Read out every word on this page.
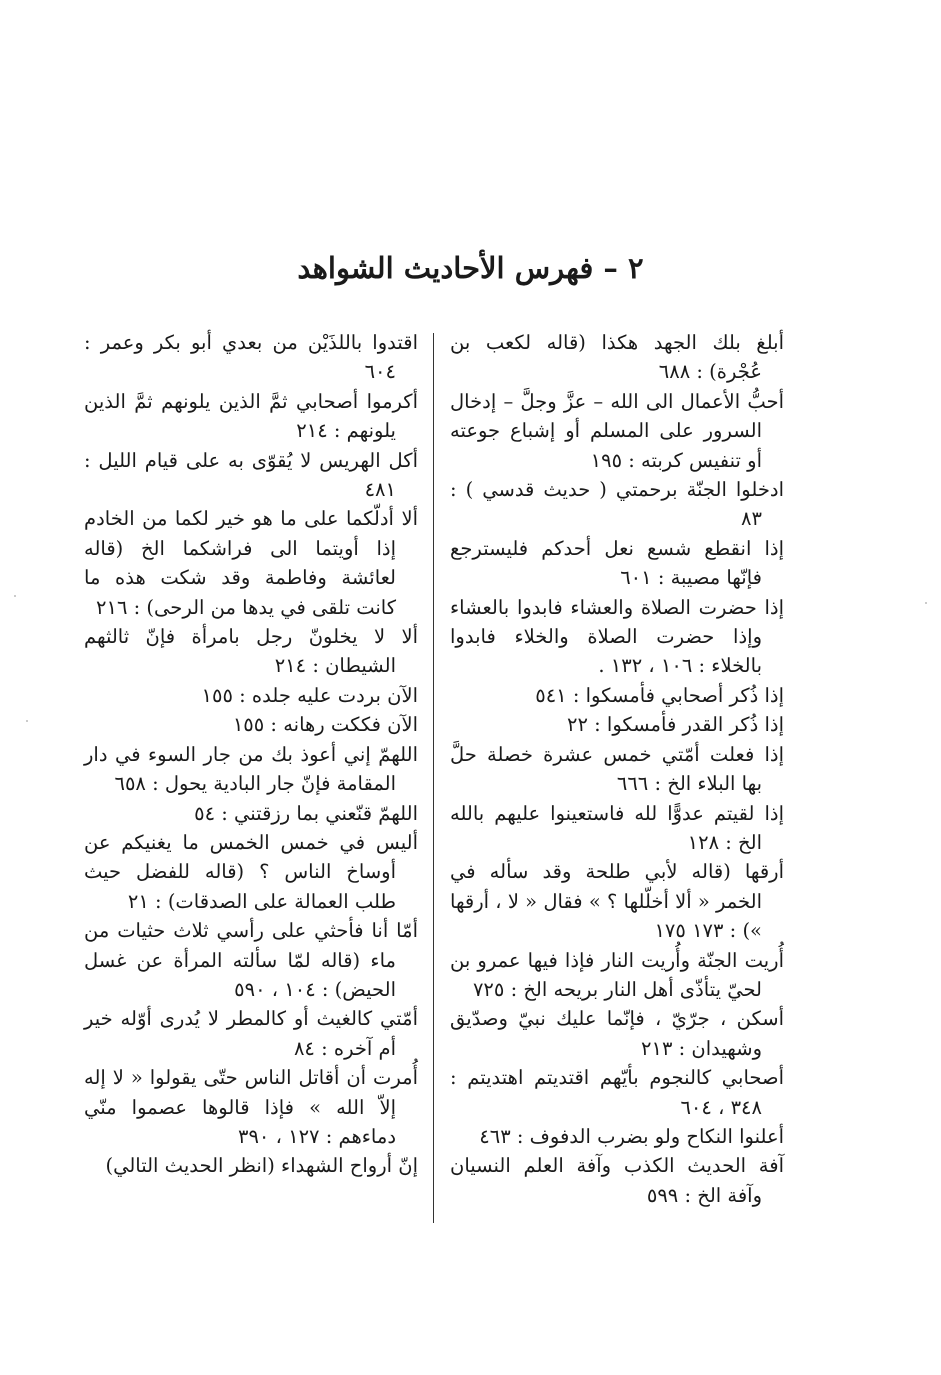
٢ – فهرس الأحاديث الشواهد

أبلغ بلك الجهد هكذا (قاله لكعب بن عُجْرة) : ٦٨٨

أحبُّ الأعمال الى الله – عزَّ وجلَّ – إدخال السرور على المسلم أو إشباع جوعته أو تنفيس كربته : ١٩٥

ادخلوا الجنّة برحمتي ( حديث قدسي ) : ٨٣

إذا انقطع شسع نعل أحدكم فليسترجع فإنّها مصيبة : ٦٠١

إذا حضرت الصلاة والعشاء فابدوا بالعشاء وإذا حضرت الصلاة والخلاء فابدوا بالخلاء : ١٠٦ ، ١٣٢ .

إذا ذُكر أصحابي فأمسكوا : ٥٤١

إذا ذُكر القدر فأمسكوا : ٢٢

إذا فعلت أمّتي خمس عشرة خصلة حلَّ بها البلاء الخ : ٦٦٦

إذا لقيتم عدوًّا لله فاستعينوا عليهم بالله الخ : ١٢٨

أرقها (قاله لأبي طلحة وقد سأله في الخمر « ألا أخلّلها ؟ » فقال « لا ، أرقها ») : ١٧٣ ١٧٥

أُريت الجنّة وأُريت النار فإذا فيها عمرو بن لحيّ يتأذّى أهل النار بريحه الخ : ٧٢٥

أسكن ، جرّيّ ، فإنّما عليك نبيّ وصدّيق وشهيدان : ٢١٣

أصحابي كالنجوم بأيّهم اقتديتم اهتديتم : ٣٤٨ ، ٦٠٤

أعلنوا النكاح ولو بضرب الدفوف : ٤٦٣

آفة الحديث الكذب وآفة العلم النسيان وآفة الخ : ٥٩٩

اقتدوا باللذَيْن من بعدي أبو بكر وعمر : ٦٠٤

أكرموا أصحابي ثمَّ الذين يلونهم ثمَّ الذين يلونهم : ٢١٤

أكل الهريس لا يُقوّى به على قيام الليل : ٤٨١

ألا أدلّكما على ما هو خير لكما من الخادم إذا أويتما الى فراشكما الخ (قاله لعائشة وفاطمة وقد شكت هذه ما كانت تلقى في يدها من الرحى) : ٢١٦

ألا لا يخلونّ رجل بامرأة فإنّ ثالثهم الشيطان : ٢١٤

الآن بردت عليه جلده : ١٥٥

الآن فككت رهانه : ١٥٥

اللهمّ إني أعوذ بك من جار السوء في دار المقامة فإنّ جار البادية يحول : ٦٥٨

اللهمّ قنّعني بما رزقتني : ٥٤

أليس في خمس الخمس ما يغنيكم عن أوساخ الناس ؟ (قاله للفضل حيث طلب العمالة على الصدقات) : ٢١

أمّا أنا فأحثي على رأسي ثلاث حثيات من ماء (قاله لمّا سألته المرأة عن غسل الحيض) : ١٠٤ ، ٥٩٠

أمّتي كالغيث أو كالمطر لا يُدرى أوّله خير أم آخره : ٨٤

أُمرت أن أقاتل الناس حتّى يقولوا « لا إله إلاّ الله » فإذا قالوها عصموا منّي دماءهم : ١٢٧ ، ٣٩٠

إنّ أرواح الشهداء (انظر الحديث التالي)
